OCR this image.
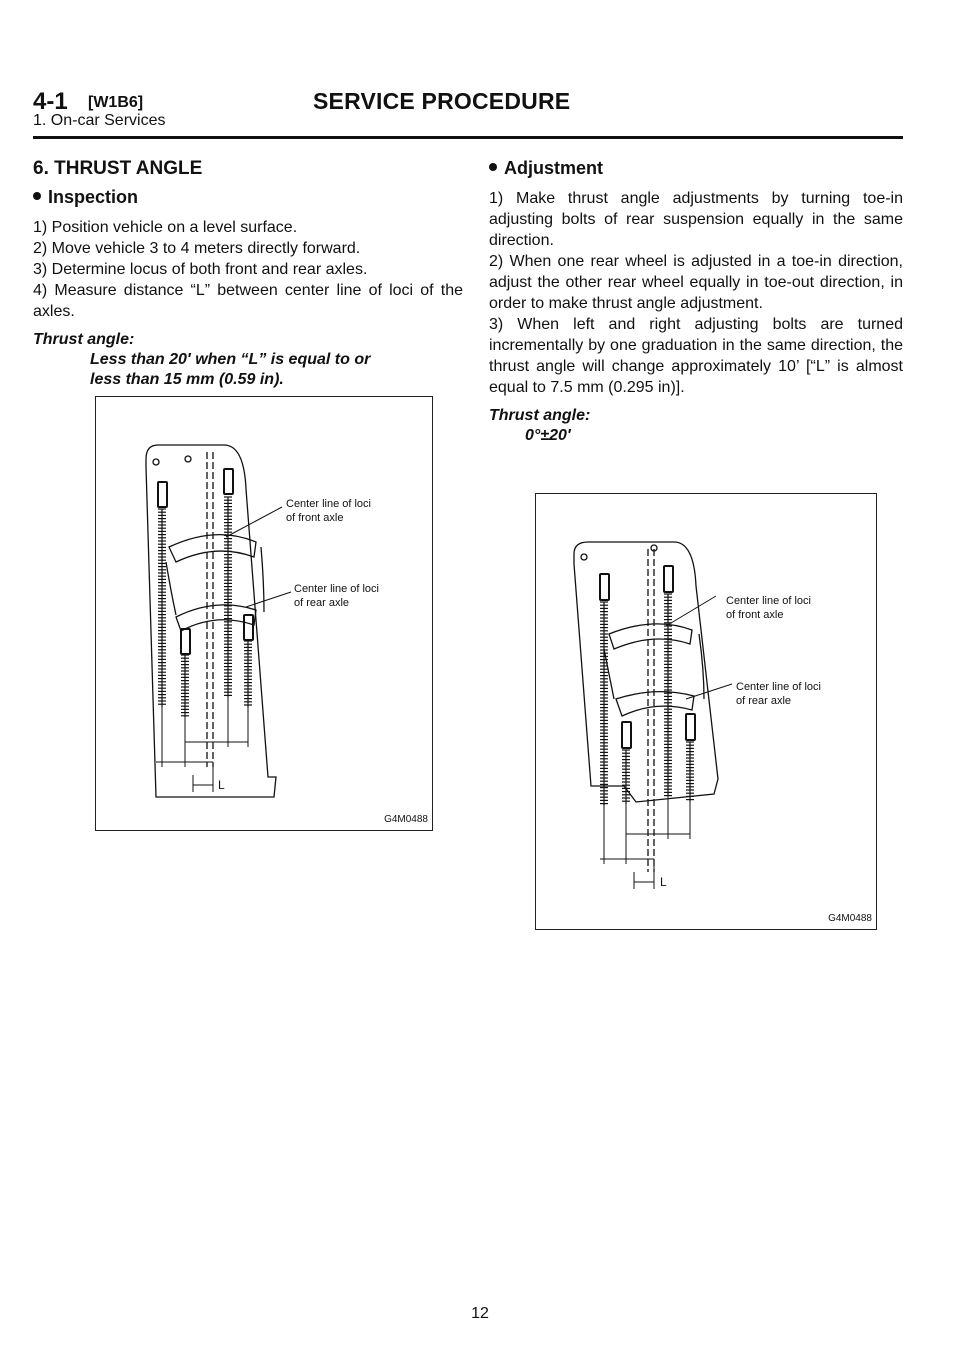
4-1 [W1B6]	SERVICE PROCEDURE
1. On-car Services
6. THRUST ANGLE
Inspection
1) Position vehicle on a level surface.
2) Move vehicle 3 to 4 meters directly forward.
3) Determine locus of both front and rear axles.
4) Measure distance “L” between center line of loci of the axles.
Thrust angle:
Less than 20′ when “L” is equal to or
less than 15 mm (0.59 in).
Center line of loci
of front axle
Center line of loci
of rear axle
L
G4M0488
Adjustment
1) Make thrust angle adjustments by turning toe-in adjusting bolts of rear suspension equally in the same direction.
2) When one rear wheel is adjusted in a toe-in direction, adjust the other rear wheel equally in toe-out direction, in order to make thrust angle adjustment.
3) When left and right adjusting bolts are turned incrementally by one graduation in the same direction, the thrust angle will change approximately 10’ [“L” is almost equal to 7.5 mm (0.295 in)].
Thrust angle:
0°±20′
Center line of loci
of front axle
Center line of loci
of rear axle
L
G4M0488
12
